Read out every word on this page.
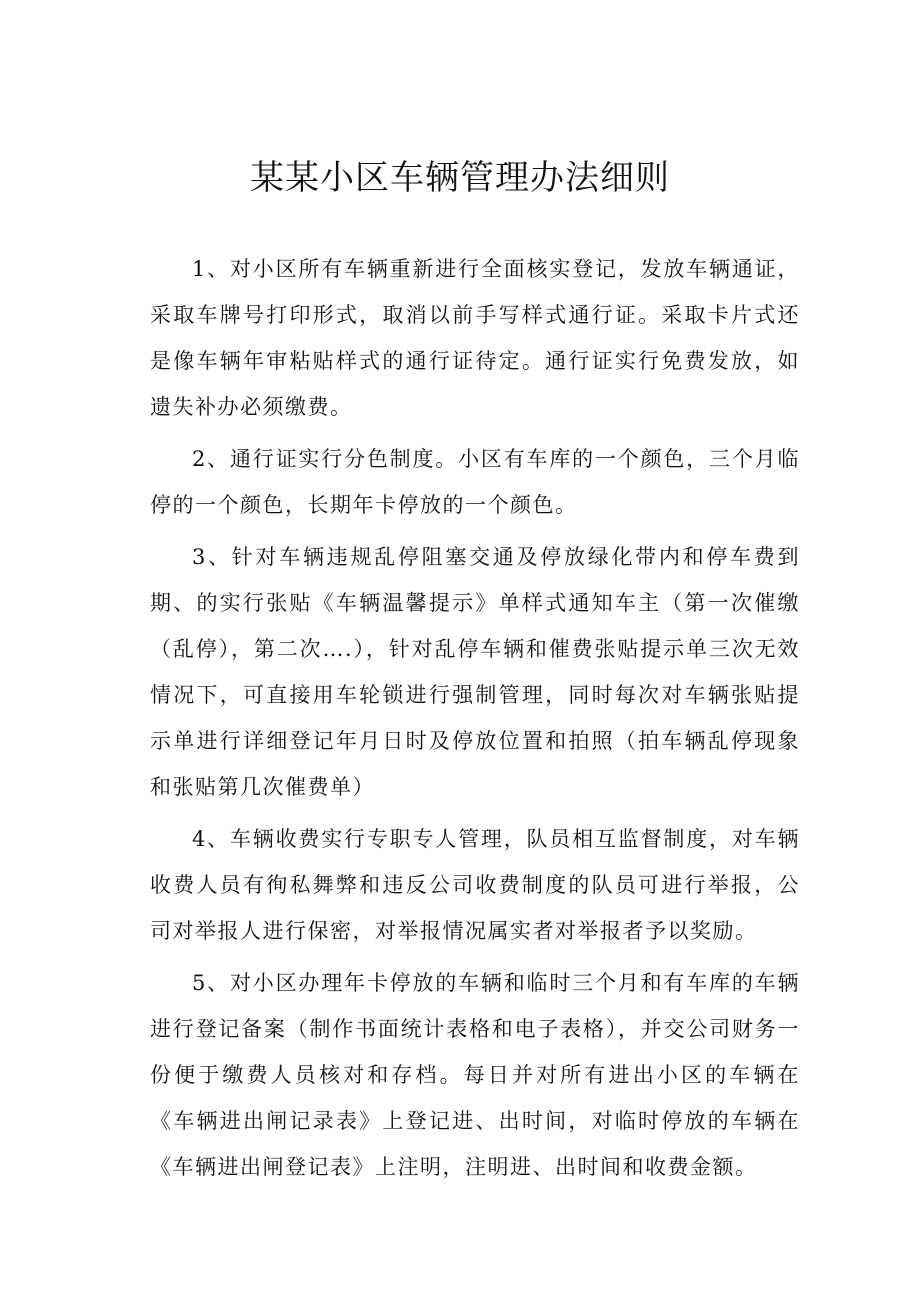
某某小区车辆管理办法细则

1、对小区所有车辆重新进行全面核实登记，发放车辆通证，采取车牌号打印形式，取消以前手写样式通行证。采取卡片式还是像车辆年审粘贴样式的通行证待定。通行证实行免费发放，如遗失补办必须缴费。

2、通行证实行分色制度。小区有车库的一个颜色，三个月临停的一个颜色，长期年卡停放的一个颜色。

3、针对车辆违规乱停阻塞交通及停放绿化带内和停车费到期、的实行张贴《车辆温馨提示》单样式通知车主（第一次催缴（乱停），第二次….），针对乱停车辆和催费张贴提示单三次无效情况下，可直接用车轮锁进行强制管理，同时每次对车辆张贴提示单进行详细登记年月日时及停放位置和拍照（拍车辆乱停现象和张贴第几次催费单）

4、车辆收费实行专职专人管理，队员相互监督制度，对车辆收费人员有徇私舞弊和违反公司收费制度的队员可进行举报，公司对举报人进行保密，对举报情况属实者对举报者予以奖励。

5、对小区办理年卡停放的车辆和临时三个月和有车库的车辆进行登记备案（制作书面统计表格和电子表格），并交公司财务一份便于缴费人员核对和存档。每日并对所有进出小区的车辆在《车辆进出闸记录表》上登记进、出时间，对临时停放的车辆在《车辆进出闸登记表》上注明，注明进、出时间和收费金额。
